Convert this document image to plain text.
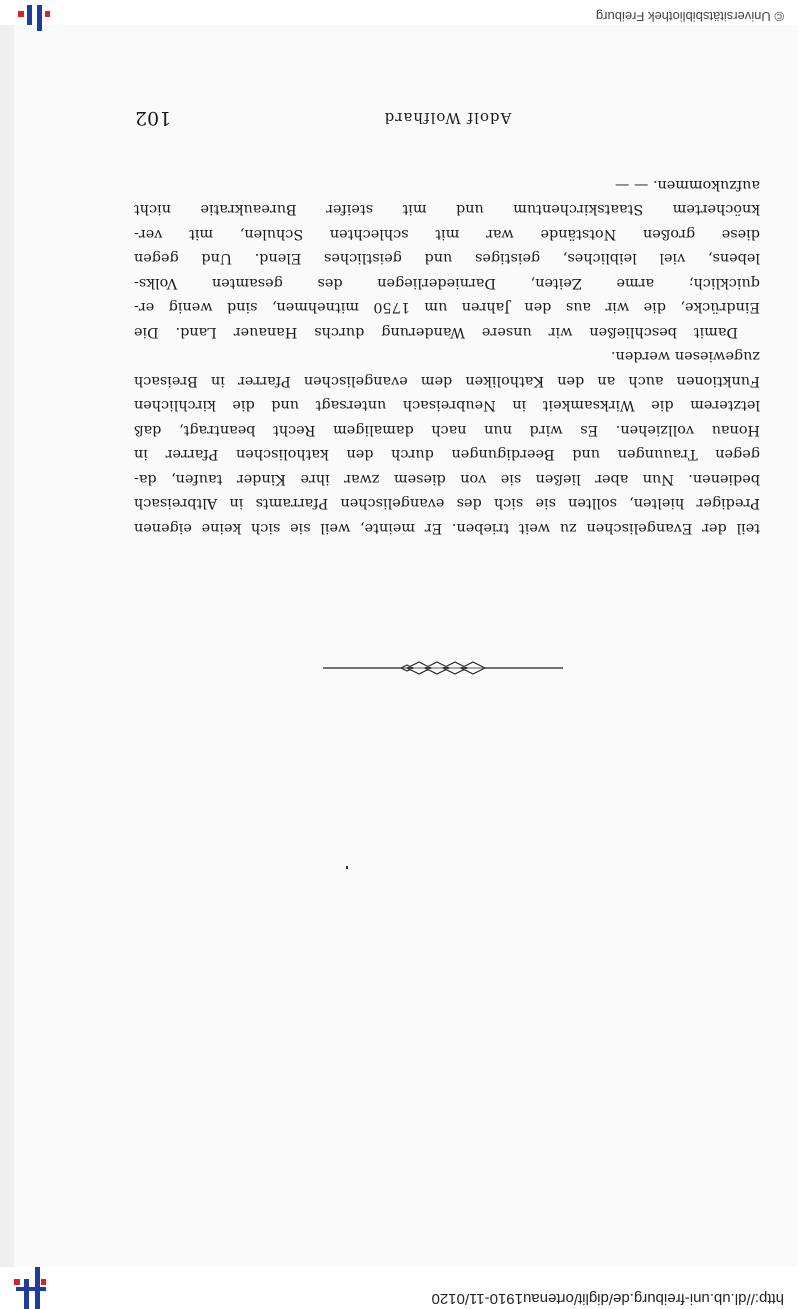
http://dl.ub.uni-freiburg.de/diglit/ortenau1910-11/0120
Adolf Wolfhard
102
teil der Evangelischen zu weit trieben. Er meinte, weil sie sich keine eigenen
Prediger hielten, sollten sie sich des evangelischen Pfarramts in Altbreisach
bedienen. Nun aber ließen sie von diesem zwar ihre Kinder taufen, da-
gegen Trauungen und Beerdigungen durch den katholischen Pfarrer in
Honau vollziehen. Es wird nun nach damaligem Recht beantragt, daß
letzterem die Wirksamkeit in Neubreisach untersagt und die kirchlichen
Funktionen auch an den Katholiken dem evangelischen Pfarrer in Breisach
zugewiesen werden.
Damit beschließen wir unsere Wanderung durchs Hanauer Land. Die
Eindrücke, die wir aus den Jahren um 1750 mitnehmen, sind wenig er-
quicklich; arme Zeiten, Darniederliegen des gesamten Volks-
lebens, viel leibliches, geistiges und geistliches Elend. Und gegen
diese großen Notstände war mit schlechten Schulen, mit ver-
knöchertem Staatskirchentum und mit steifer Bureaukratie nicht
aufzukommen. — —
© Universitätsbibliothek Freiburg
